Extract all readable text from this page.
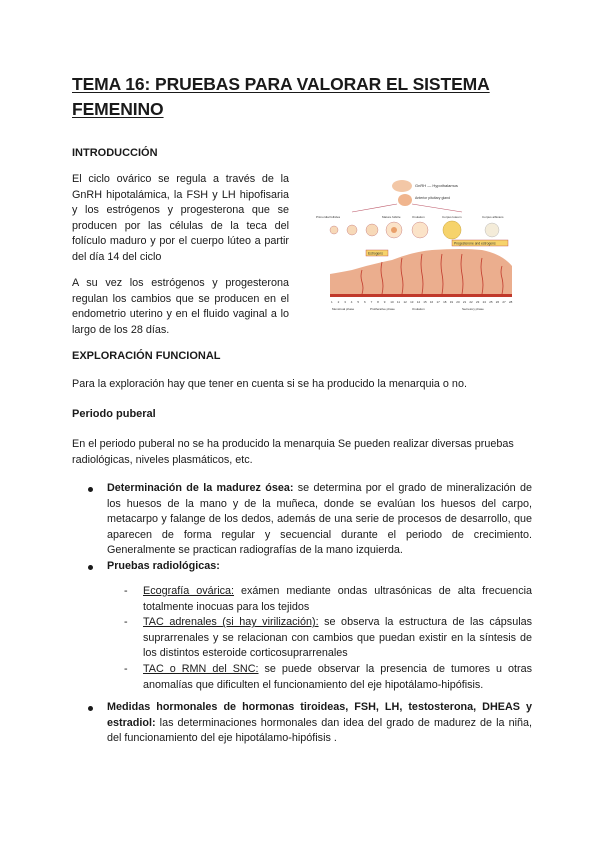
TEMA 16: PRUEBAS PARA VALORAR EL SISTEMA FEMENINO
INTRODUCCIÓN

El ciclo ovárico se regula a través de la GnRH hipotalámica, la FSH y LH hipofisaria y los estrógenos y progesterona que se producen por las células de la teca del folículo maduro y por el cuerpo lúteo a partir del día 14 del ciclo

A su vez los estrógenos y progesterona regulan los cambios que se producen en el endometrio uterino y en el fluido vaginal a lo largo de los 28 días.

GnRH — Hypothalamus
Anterior pituitary gland
Primordial follicles	Mature follicle	Ovulation	Corpus luteum	Corpus albicans
Estrogens
Progesterone and estrogens
1 2 3 4 5 6 7 8 9 10 11 12 13 14 15 16 17 18 19 20 21 22 23 24 25 26 27 28
Menstrual phase	Proliferative phase	Ovulation	Secretory phase
EXPLORACIÓN FUNCIONAL

Para la exploración hay que tener en cuenta si se ha producido la menarquia o no.

Periodo puberal

En el periodo puberal no se ha producido la menarquia Se pueden realizar diversas pruebas radiológicas, niveles plasmáticos, etc.

Determinación de la madurez ósea: se determina por el grado de mineralización de los huesos de la mano y de la muñeca, donde se evalúan los huesos del carpo, metacarpo y falange de los dedos, además de una serie de procesos de desarrollo, que aparecen de forma regular y secuencial durante el periodo de crecimiento. Generalmente se practican radiografías de la mano izquierda.
Pruebas radiológicas:
- Ecografía ovárica: exámen mediante ondas ultrasónicas de alta frecuencia totalmente inocuas para los tejidos
- TAC adrenales (si hay virilización): se observa la estructura de las cápsulas suprarrenales y se relacionan con cambios que puedan existir en la síntesis de los distintos esteroide corticosuprarrenales
- TAC o RMN del SNC: se puede observar la presencia de tumores u otras anomalías que dificulten el funcionamiento del eje hipotálamo-hipófisis.
Medidas hormonales de hormonas tiroideas, FSH, LH, testosterona, DHEAS y estradiol: las determinaciones hormonales dan idea del grado de madurez de la niña, del funcionamiento del eje hipotálamo-hipófisis .
